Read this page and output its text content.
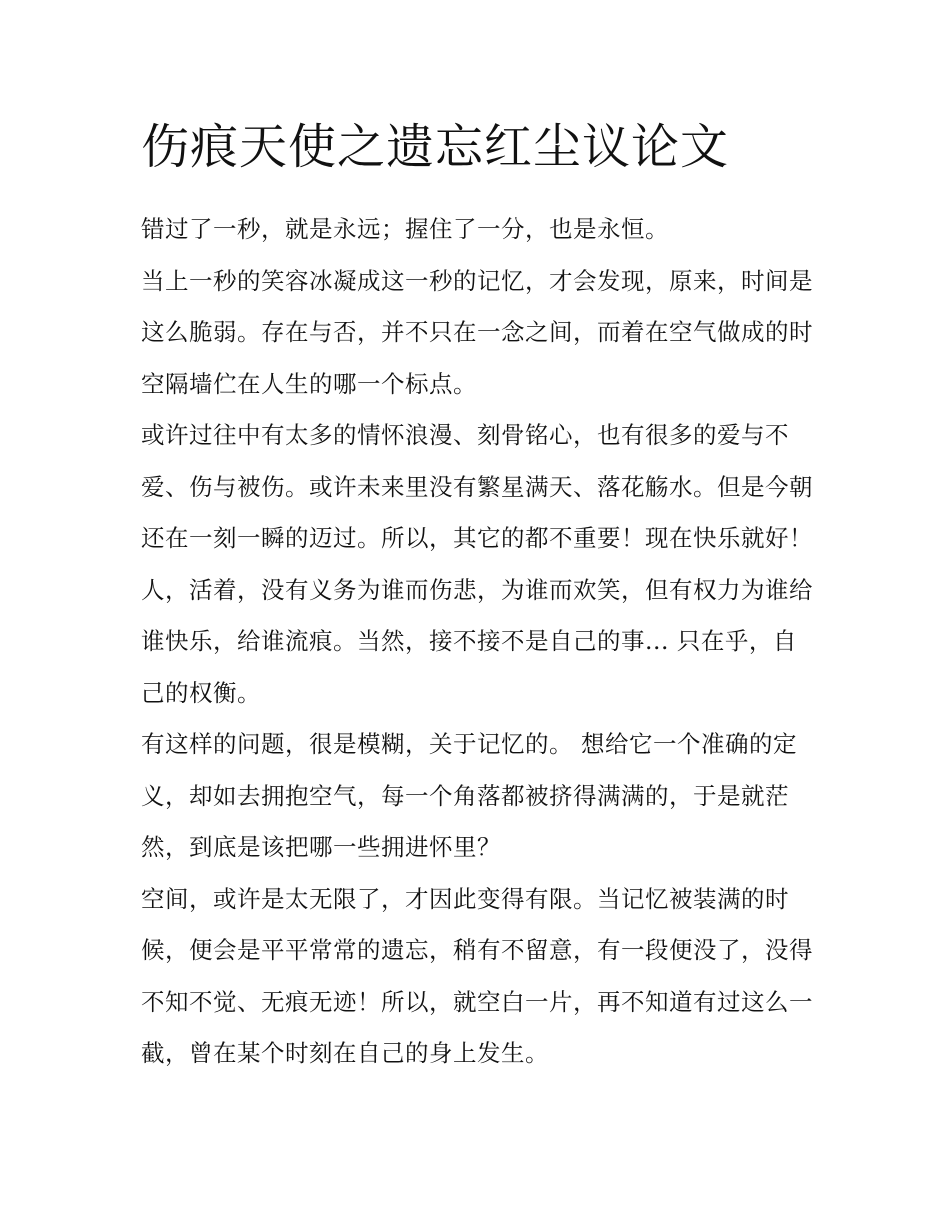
伤痕天使之遗忘红尘议论文

错过了一秒，就是永远；握住了一分，也是永恒。

当上一秒的笑容冰凝成这一秒的记忆，才会发现，原来，时间是这么脆弱。存在与否，并不只在一念之间，而着在空气做成的时空隔墙伫在人生的哪一个标点。

或许过往中有太多的情怀浪漫、刻骨铭心，也有很多的爱与不爱、伤与被伤。或许未来里没有繁星满天、落花觞水。但是今朝还在一刻一瞬的迈过。所以，其它的都不重要！现在快乐就好！

人，活着，没有义务为谁而伤悲，为谁而欢笑，但有权力为谁给谁快乐，给谁流痕。当然，接不接不是自己的事... 只在乎，自己的权衡。

有这样的问题，很是模糊，关于记忆的。 想给它一个准确的定义，却如去拥抱空气，每一个角落都被挤得满满的，于是就茫然，到底是该把哪一些拥进怀里？

空间，或许是太无限了，才因此变得有限。当记忆被装满的时候，便会是平平常常的遗忘，稍有不留意，有一段便没了，没得不知不觉、无痕无迹！所以，就空白一片，再不知道有过这么一截，曾在某个时刻在自己的身上发生。
